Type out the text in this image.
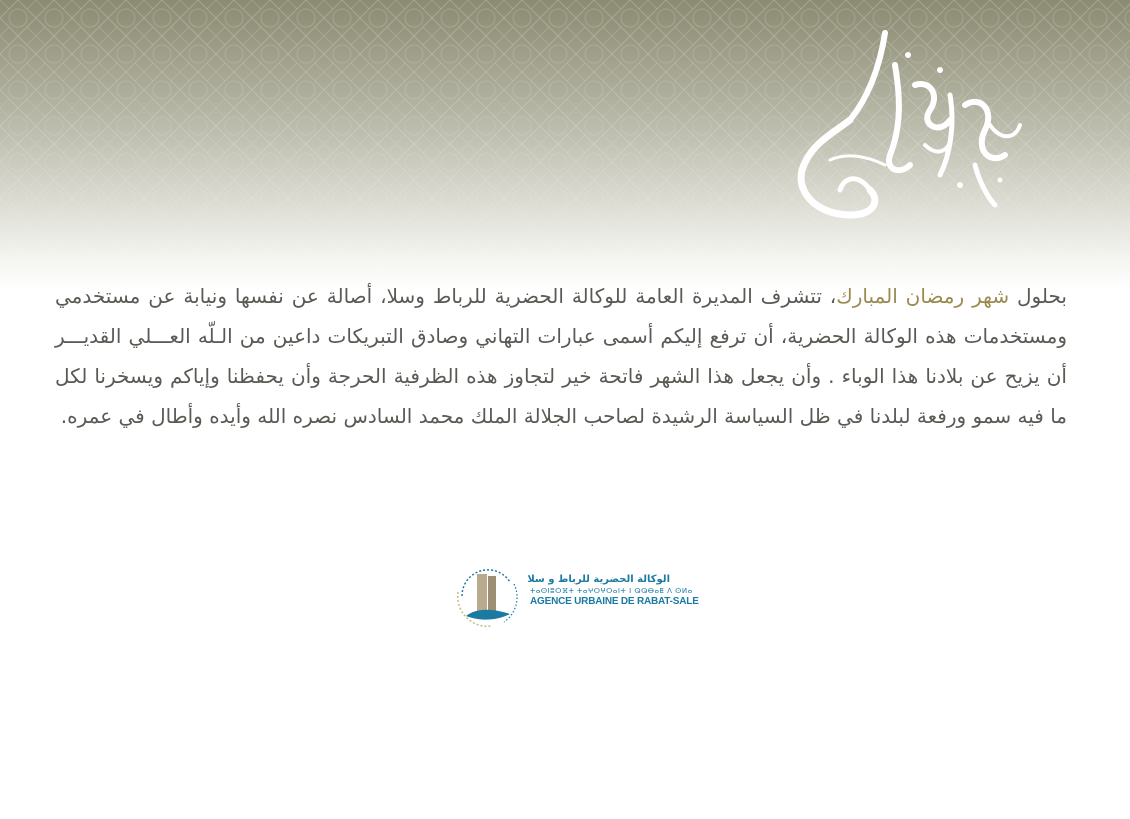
بحلول شهر رمضان المبارك، تتشرف المديرة العامة للوكالة الحضرية للرباط وسلا، أصالة عن نفسها ونيابة عن مستخدمي ومستخدمات هذه الوكالة الحضرية، أن ترفع إليكم أسمى عبارات التهاني وصادق التبريكات داعين من الـلّه العـــلي القديـــر أن يزيح عن بلادنا هذا الوباء . وأن يجعل هذا الشهر فاتحة خير لتجاوز هذه الظرفية الحرجة وأن يحفظنا وإياكم ويسخرنا لكل ما فيه سمو ورفعة لبلدنا في ظل السياسة الرشيدة لصاحب الجلالة الملك محمد السادس نصره الله وأيده وأطال في عمره.

الوكالة الحضرية للرباط و سلا
ⵜⴰⵙⵏⵓⵔⴼⵜ ⵜⴰⵖⵔⵖⵔⴰⵏⵜ ⵏ ⵕⵕⴱⴰⵟ ⴷ ⵙⵍⴰ
AGENCE URBAINE DE RABAT-SALE
